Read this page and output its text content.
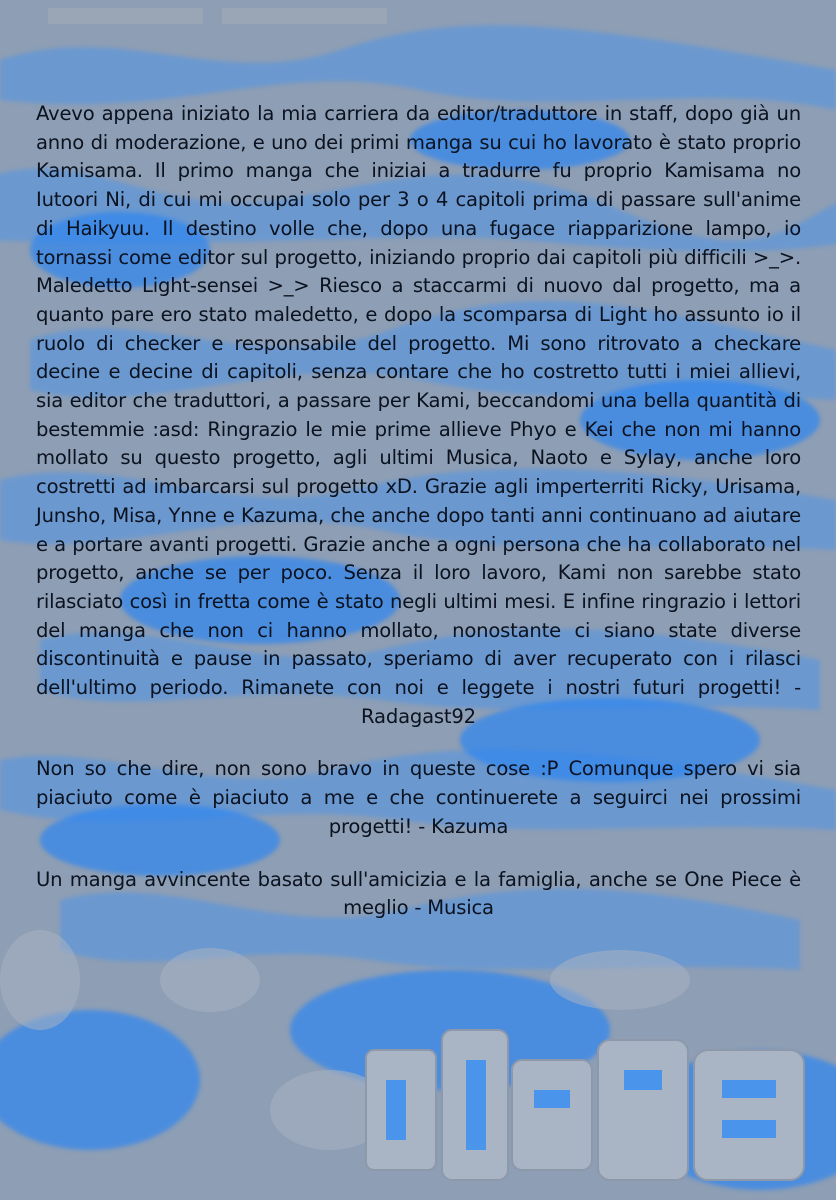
Avevo appena iniziato la mia carriera da editor/traduttore in staff, dopo già un anno di moderazione, e uno dei primi manga su cui ho lavorato è stato proprio Kamisama. Il primo manga che iniziai a tradurre fu proprio Kamisama no Iutoori Ni, di cui mi occupai solo per 3 o 4 capitoli prima di passare sull'anime di Haikyuu. Il destino volle che, dopo una fugace riapparizione lampo, io tornassi come editor sul progetto, iniziando proprio dai capitoli più difficili >_>. Maledetto Light-sensei >_> Riesco a staccarmi di nuovo dal progetto, ma a quanto pare ero stato maledetto, e dopo la scomparsa di Light ho assunto io il ruolo di checker e responsabile del progetto. Mi sono ritrovato a checkare decine e decine di capitoli, senza contare che ho costretto tutti i miei allievi, sia editor che traduttori, a passare per Kami, beccandomi una bella quantità di bestemmie :asd: Ringrazio le mie prime allieve Phyo e Kei che non mi hanno mollato su questo progetto, agli ultimi Musica, Naoto e Sylay, anche loro costretti ad imbarcarsi sul progetto xD. Grazie agli imperterriti Ricky, Urisama, Junsho, Misa, Ynne e Kazuma, che anche dopo tanti anni continuano ad aiutare e a portare avanti progetti. Grazie anche a ogni persona che ha collaborato nel progetto, anche se per poco. Senza il loro lavoro, Kami non sarebbe stato rilasciato così in fretta come è stato negli ultimi mesi. E infine ringrazio i lettori del manga che non ci hanno mollato, nonostante ci siano state diverse discontinuità e pause in passato, speriamo di aver recuperato con i rilasci dell'ultimo periodo. Rimanete con noi e leggete i nostri futuri progetti! - Radagast92

Non so che dire, non sono bravo in queste cose :P Comunque spero vi sia piaciuto come è piaciuto a me e che continuerete a seguirci nei prossimi progetti! - Kazuma

Un manga avvincente basato sull'amicizia e la famiglia, anche se One Piece è meglio - Musica
